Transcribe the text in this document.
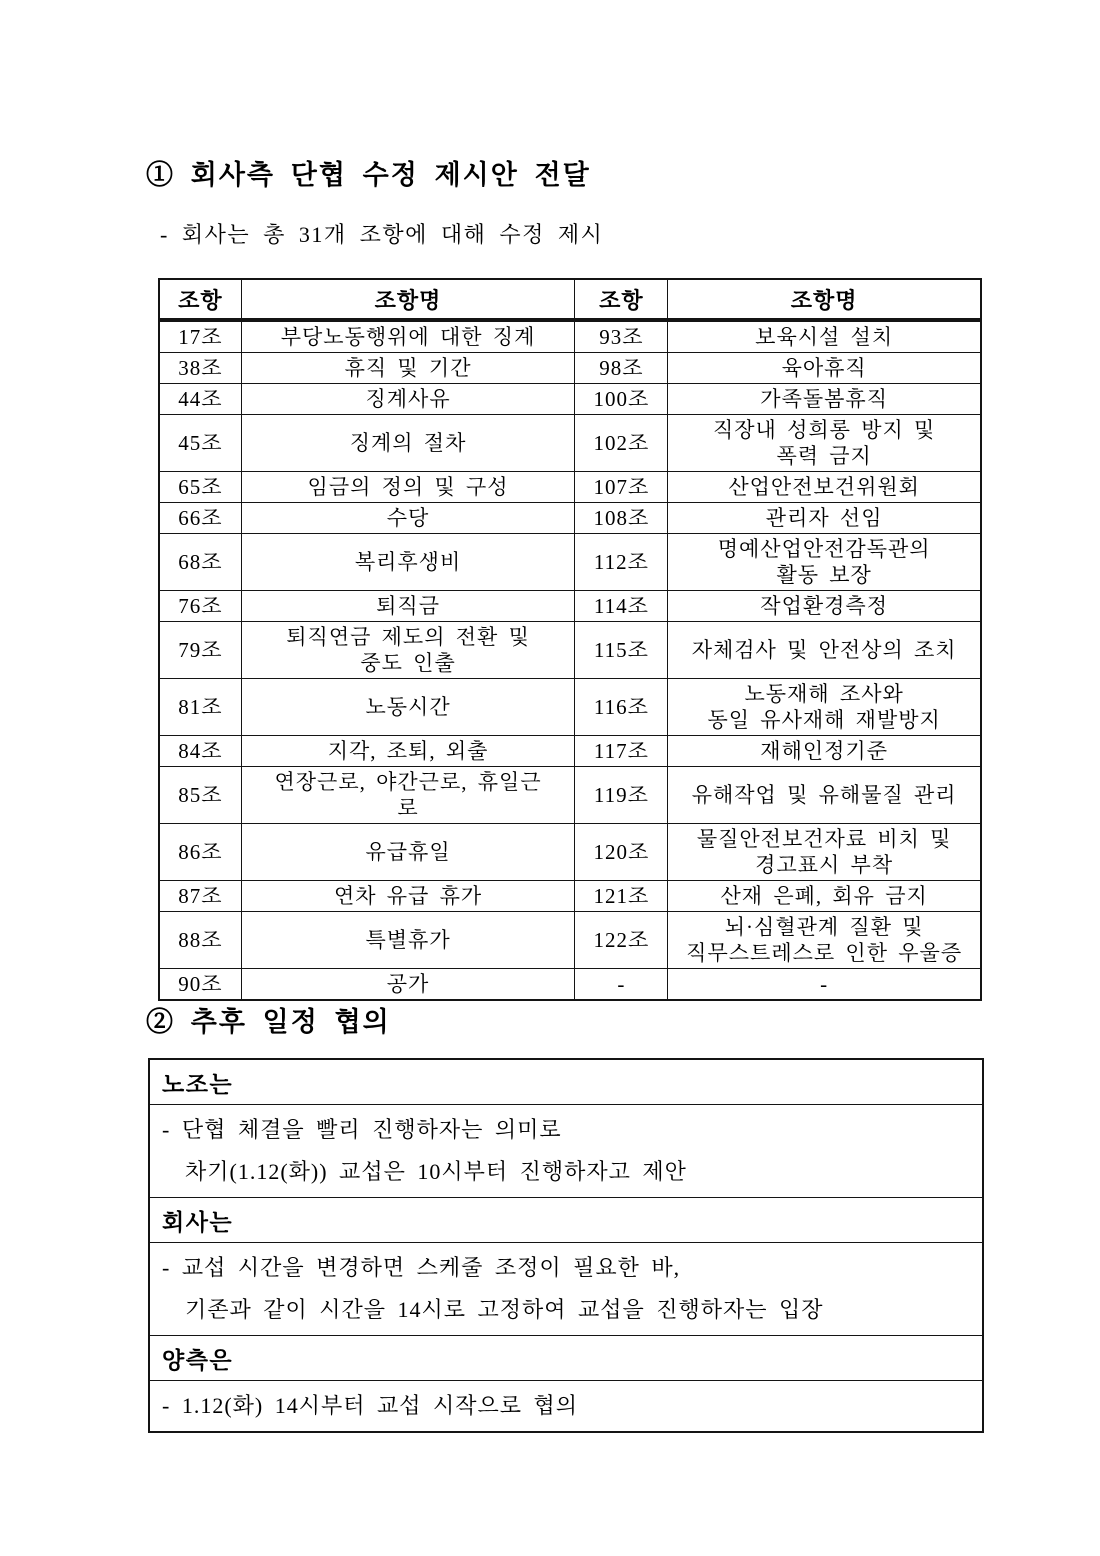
① 회사측 단협 수정 제시안 전달

- 회사는 총 31개 조항에 대해 수정 제시

조항	조항명	조항	조항명
17조	부당노동행위에 대한 징계	93조	보육시설 설치
38조	휴직 및 기간	98조	육아휴직
44조	징계사유	100조	가족돌봄휴직
45조	징계의 절차	102조	직장내 성희롱 방지 및
폭력 금지
65조	임금의 정의 및 구성	107조	산업안전보건위원회
66조	수당	108조	관리자 선임
68조	복리후생비	112조	명예산업안전감독관의
활동 보장
76조	퇴직금	114조	작업환경측정
79조	퇴직연금 제도의 전환 및
중도 인출	115조	자체검사 및 안전상의 조치
81조	노동시간	116조	노동재해 조사와
동일 유사재해 재발방지
84조	지각, 조퇴, 외출	117조	재해인정기준
85조	연장근로, 야간근로, 휴일근
로	119조	유해작업 및 유해물질 관리
86조	유급휴일	120조	물질안전보건자료 비치 및
경고표시 부착
87조	연차 유급 휴가	121조	산재 은폐, 회유 금지
88조	특별휴가	122조	뇌·심혈관계 질환 및
직무스트레스로 인한 우울증
90조	공가	-	-
② 추후 일정 협의
노조는
- 단협 체결을 빨리 진행하자는 의미로
차기(1.12(화)) 교섭은 10시부터 진행하자고 제안
회사는
- 교섭 시간을 변경하면 스케줄 조정이 필요한 바,
기존과 같이 시간을 14시로 고정하여 교섭을 진행하자는 입장
양측은
- 1.12(화) 14시부터 교섭 시작으로 협의
